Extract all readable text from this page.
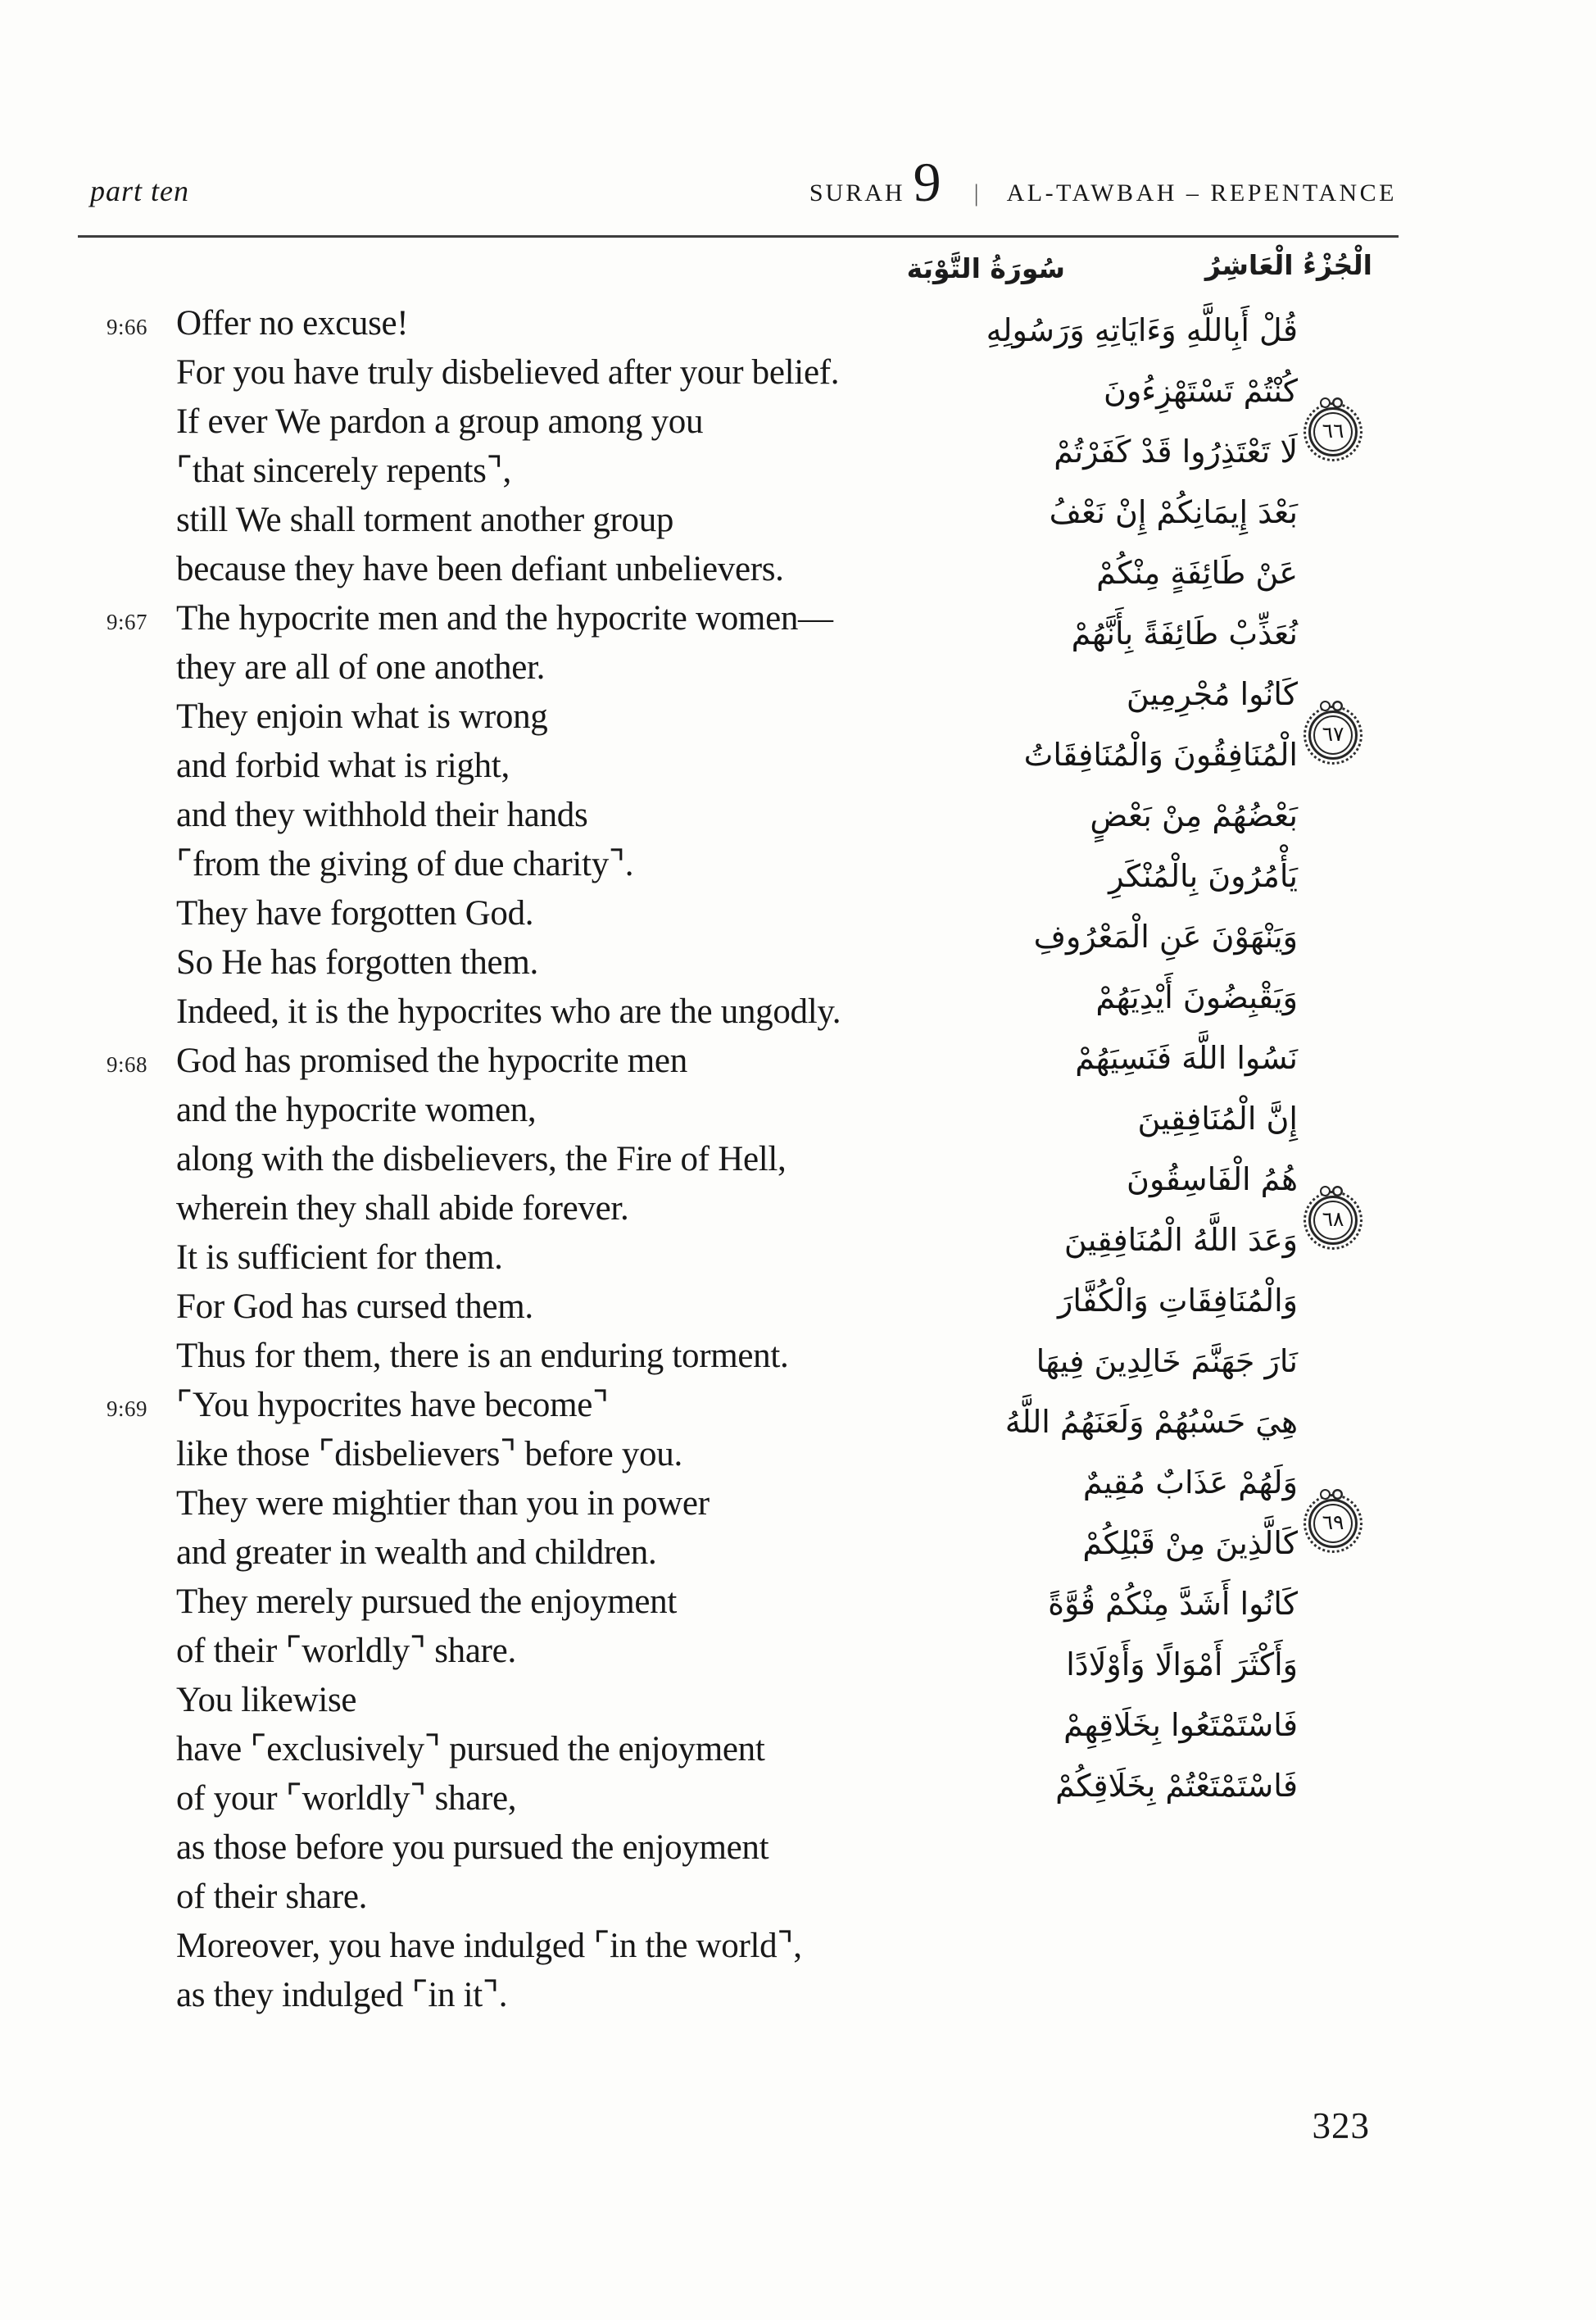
part ten	SURAH 9 | AL-TAWBAH – REPENTANCE
سُورَةُ التَّوْبَة	الْجُزْءُ الْعَاشِرُ
9:66 Offer no excuse!
For you have truly disbelieved after your belief.
If ever We pardon a group among you
⌜that sincerely repents⌝,
still We shall torment another group
because they have been defiant unbelievers.
9:67 The hypocrite men and the hypocrite women—
they are all of one another.
They enjoin what is wrong
and forbid what is right,
and they withhold their hands
⌜from the giving of due charity⌝.
They have forgotten God.
So He has forgotten them.
Indeed, it is the hypocrites who are the ungodly.
9:68 God has promised the hypocrite men
and the hypocrite women,
along with the disbelievers, the Fire of Hell,
wherein they shall abide forever.
It is sufficient for them.
For God has cursed them.
Thus for them, there is an enduring torment.
9:69 ⌜You hypocrites have become⌝
like those ⌜disbelievers⌝ before you.
They were mightier than you in power
and greater in wealth and children.
They merely pursued the enjoyment
of their ⌜worldly⌝ share.
You likewise
have ⌜exclusively⌝ pursued the enjoyment
of your ⌜worldly⌝ share,
as those before you pursued the enjoyment
of their share.
Moreover, you have indulged ⌜in the world⌝,
as they indulged ⌜in it⌝.
قُلْ أَبِاللَّهِ وَءَايَاتِهِ وَرَسُولِهِ
كُنْتُمْ تَسْتَهْزِءُونَ
لَا تَعْتَذِرُوا قَدْ كَفَرْتُمْ
٦٦
بَعْدَ إِيمَانِكُمْ إِنْ نَعْفُ
عَنْ طَائِفَةٍ مِنْكُمْ
نُعَذِّبْ طَائِفَةً بِأَنَّهُمْ
كَانُوا مُجْرِمِينَ
الْمُنَافِقُونَ وَالْمُنَافِقَاتُ
٦٧
بَعْضُهُمْ مِنْ بَعْضٍ
يَأْمُرُونَ بِالْمُنْكَرِ
وَيَنْهَوْنَ عَنِ الْمَعْرُوفِ
وَيَقْبِضُونَ أَيْدِيَهُمْ
نَسُوا اللَّهَ فَنَسِيَهُمْ
إِنَّ الْمُنَافِقِينَ
هُمُ الْفَاسِقُونَ
وَعَدَ اللَّهُ الْمُنَافِقِينَ
٦٨
وَالْمُنَافِقَاتِ وَالْكُفَّارَ
نَارَ جَهَنَّمَ خَالِدِينَ فِيهَا
هِيَ حَسْبُهُمْ وَلَعَنَهُمُ اللَّهُ
وَلَهُمْ عَذَابٌ مُقِيمٌ
كَالَّذِينَ مِنْ قَبْلِكُمْ
٦٩
كَانُوا أَشَدَّ مِنْكُمْ قُوَّةً
وَأَكْثَرَ أَمْوَالًا وَأَوْلَادًا
فَاسْتَمْتَعُوا بِخَلَاقِهِمْ
فَاسْتَمْتَعْتُمْ بِخَلَاقِكُمْ
323
